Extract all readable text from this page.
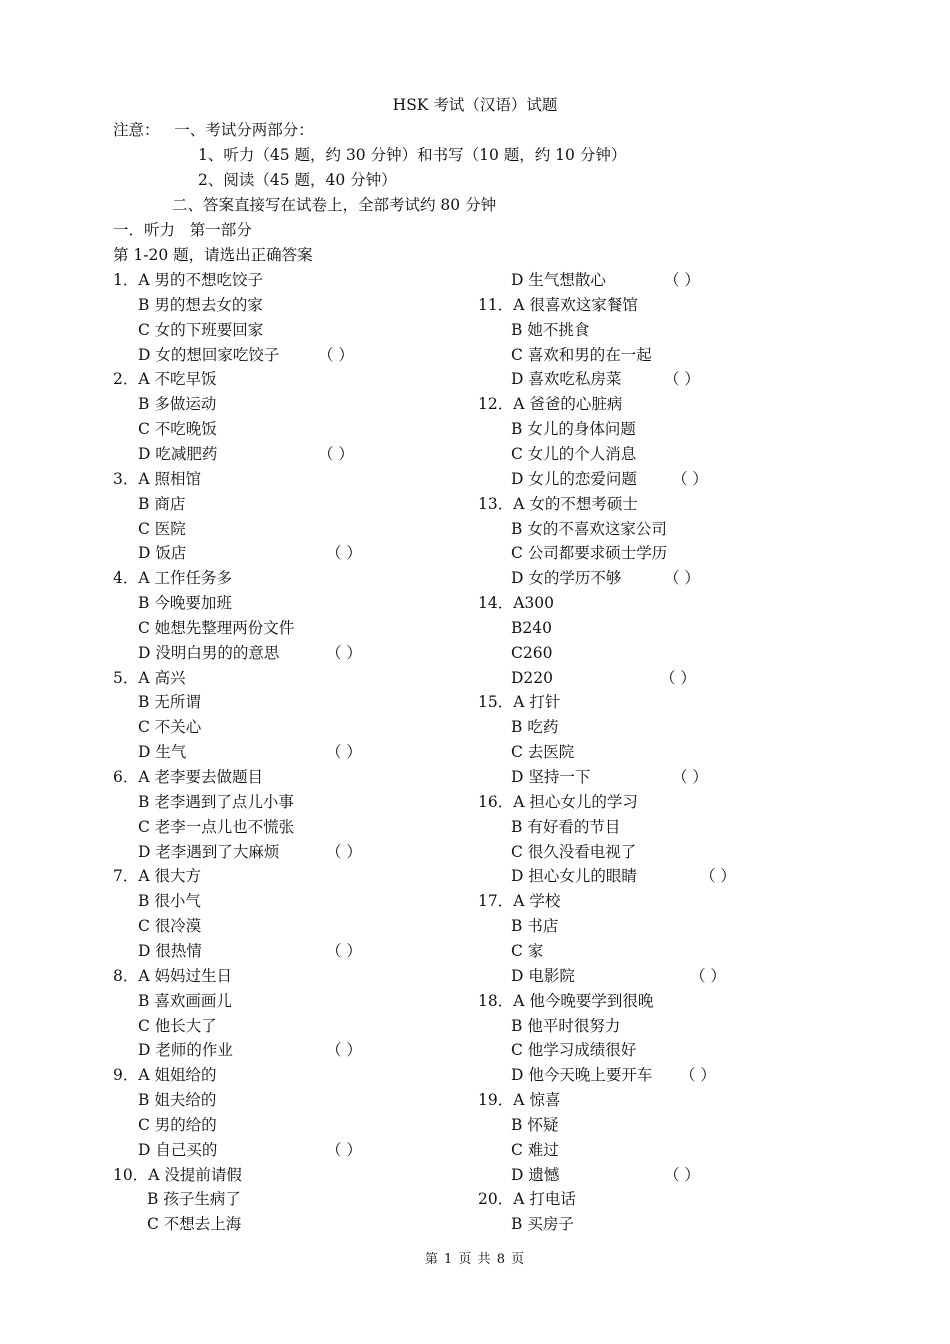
HSK 考试（汉语）试题
注意：   一、考试分两部分：
1、听力（45 题，约 30 分钟）和书写（10 题，约 10 分钟）
2、阅读（45 题，40 分钟）
二、答案直接写在试卷上，全部考试约 80 分钟
一．听力   第一部分
第 1-20 题，请选出正确答案
1．A 男的不想吃饺子
B 男的想去女的家
C 女的下班要回家
D 女的想回家吃饺子 （ ）
2．A 不吃早饭
B 多做运动
C 不吃晚饭
D 吃减肥药	（ ）
3．A 照相馆
B 商店
C 医院
D 饭店	（ ）
4．A 工作任务多
B 今晚要加班
C 她想先整理两份文件
D 没明白男的的意思	（ ）
5．A 高兴
B 无所谓
C 不关心
D 生气	（ ）
6．A 老李要去做题目
B 老李遇到了点儿小事
C 老李一点儿也不慌张
D 老李遇到了大麻烦	（ ）
7．A 很大方
B 很小气
C 很冷漠
D 很热情	（ ）
8．A 妈妈过生日
B 喜欢画画儿
C 他长大了
D 老师的作业	（ ）
9．A 姐姐给的
B 姐夫给的
C 男的给的
D 自己买的	（ ）
10．A 没提前请假
B 孩子生病了
C 不想去上海
D 生气想散心	（ ）
11．A 很喜欢这家餐馆
B 她不挑食
C 喜欢和男的在一起
D 喜欢吃私房菜	（ ）
12．A 爸爸的心脏病
B 女儿的身体问题
C 女儿的个人消息
D 女儿的恋爱问题 （ ）
13．A 女的不想考硕士
B 女的不喜欢这家公司
C 公司都要求硕士学历
D 女的学历不够	（ ）
14．A300
B240
C260
D220	（ ）
15．A 打针
B 吃药
C 去医院
D 坚持一下	（ ）
16．A 担心女儿的学习
B 有好看的节目
C 很久没看电视了
D 担心女儿的眼睛	（ ）
17．A 学校
B 书店
C 家
D 电影院	（ ）
18．A 他今晚要学到很晚
B 他平时很努力
C 他学习成绩很好
D 他今天晚上要开车 （ ）
19．A 惊喜
B 怀疑
C 难过
D 遗憾	（ ）
20．A 打电话
B 买房子
第 1 页 共 8 页
